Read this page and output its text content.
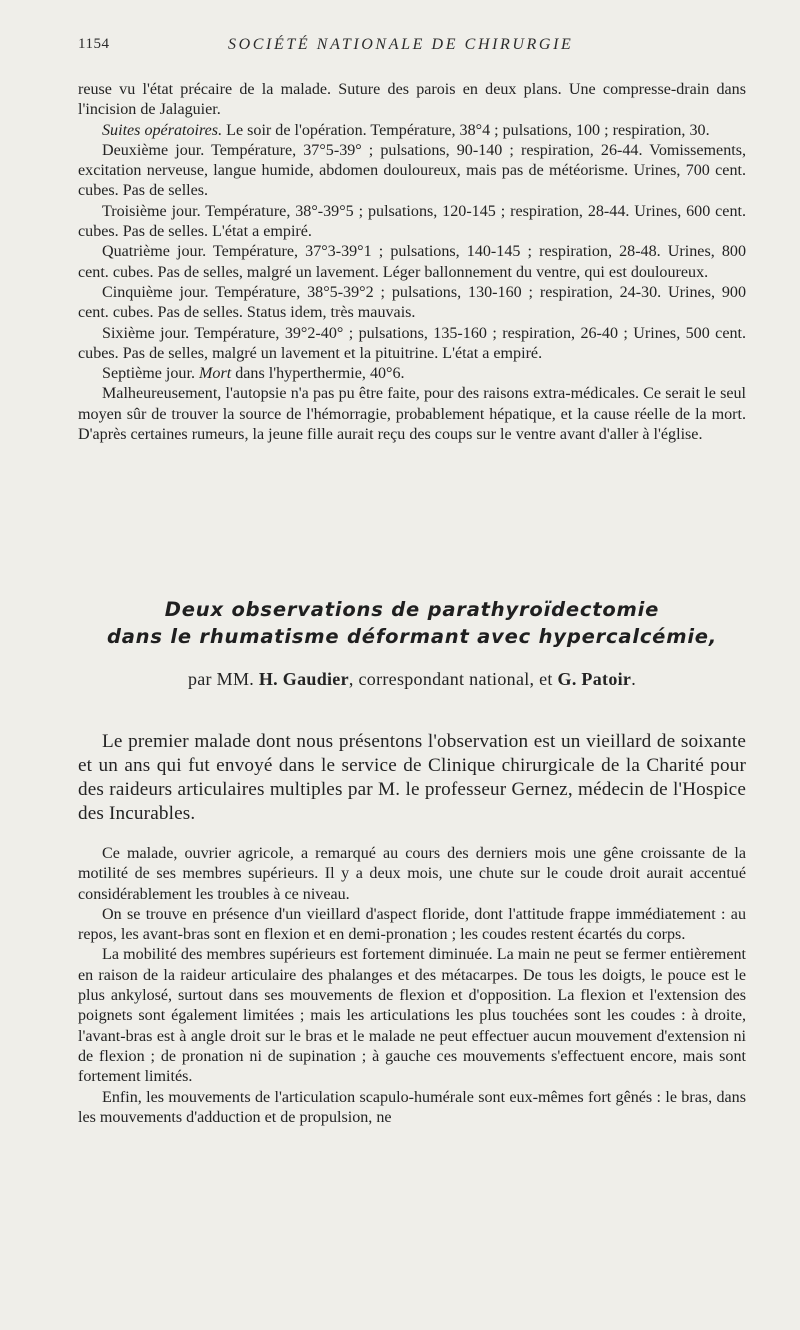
1154	SOCIÉTÉ NATIONALE DE CHIRURGIE

reuse vu l'état précaire de la malade. Suture des parois en deux plans. Une compresse-drain dans l'incision de Jalaguier.

Suites opératoires. Le soir de l'opération. Température, 38°4 ; pulsations, 100 ; respiration, 30.

Deuxième jour. Température, 37°5-39° ; pulsations, 90-140 ; respiration, 26-44. Vomissements, excitation nerveuse, langue humide, abdomen douloureux, mais pas de météorisme. Urines, 700 cent. cubes. Pas de selles.

Troisième jour. Température, 38°-39°5 ; pulsations, 120-145 ; respiration, 28-44. Urines, 600 cent. cubes. Pas de selles. L'état a empiré.

Quatrième jour. Température, 37°3-39°1 ; pulsations, 140-145 ; respiration, 28-48. Urines, 800 cent. cubes. Pas de selles, malgré un lavement. Léger ballonnement du ventre, qui est douloureux.

Cinquième jour. Température, 38°5-39°2 ; pulsations, 130-160 ; respiration, 24-30. Urines, 900 cent. cubes. Pas de selles. Status idem, très mauvais.

Sixième jour. Température, 39°2-40° ; pulsations, 135-160 ; respiration, 26-40 ; Urines, 500 cent. cubes. Pas de selles, malgré un lavement et la pituitrine. L'état a empiré.

Septième jour. Mort dans l'hyperthermie, 40°6.

Malheureusement, l'autopsie n'a pas pu être faite, pour des raisons extra-médicales. Ce serait le seul moyen sûr de trouver la source de l'hémorragie, probablement hépatique, et la cause réelle de la mort. D'après certaines rumeurs, la jeune fille aurait reçu des coups sur le ventre avant d'aller à l'église.

Deux observations de parathyroïdectomie
dans le rhumatisme déformant avec hypercalcémie,
par MM. H. Gaudier, correspondant national, et G. Patoir.

Le premier malade dont nous présentons l'observation est un vieillard de soixante et un ans qui fut envoyé dans le service de Clinique chirurgicale de la Charité pour des raideurs articulaires multiples par M. le professeur Gernez, médecin de l'Hospice des Incurables.

Ce malade, ouvrier agricole, a remarqué au cours des derniers mois une gêne croissante de la motilité de ses membres supérieurs. Il y a deux mois, une chute sur le coude droit aurait accentué considérablement les troubles à ce niveau.

On se trouve en présence d'un vieillard d'aspect floride, dont l'attitude frappe immédiatement : au repos, les avant-bras sont en flexion et en demi-pronation ; les coudes restent écartés du corps.

La mobilité des membres supérieurs est fortement diminuée. La main ne peut se fermer entièrement en raison de la raideur articulaire des phalanges et des métacarpes. De tous les doigts, le pouce est le plus ankylosé, surtout dans ses mouvements de flexion et d'opposition. La flexion et l'extension des poignets sont également limitées ; mais les articulations les plus touchées sont les coudes : à droite, l'avant-bras est à angle droit sur le bras et le malade ne peut effectuer aucun mouvement d'extension ni de flexion ; de pronation ni de supination ; à gauche ces mouvements s'effectuent encore, mais sont fortement limités.

Enfin, les mouvements de l'articulation scapulo-humérale sont eux-mêmes fort gênés : le bras, dans les mouvements d'adduction et de propulsion, ne
